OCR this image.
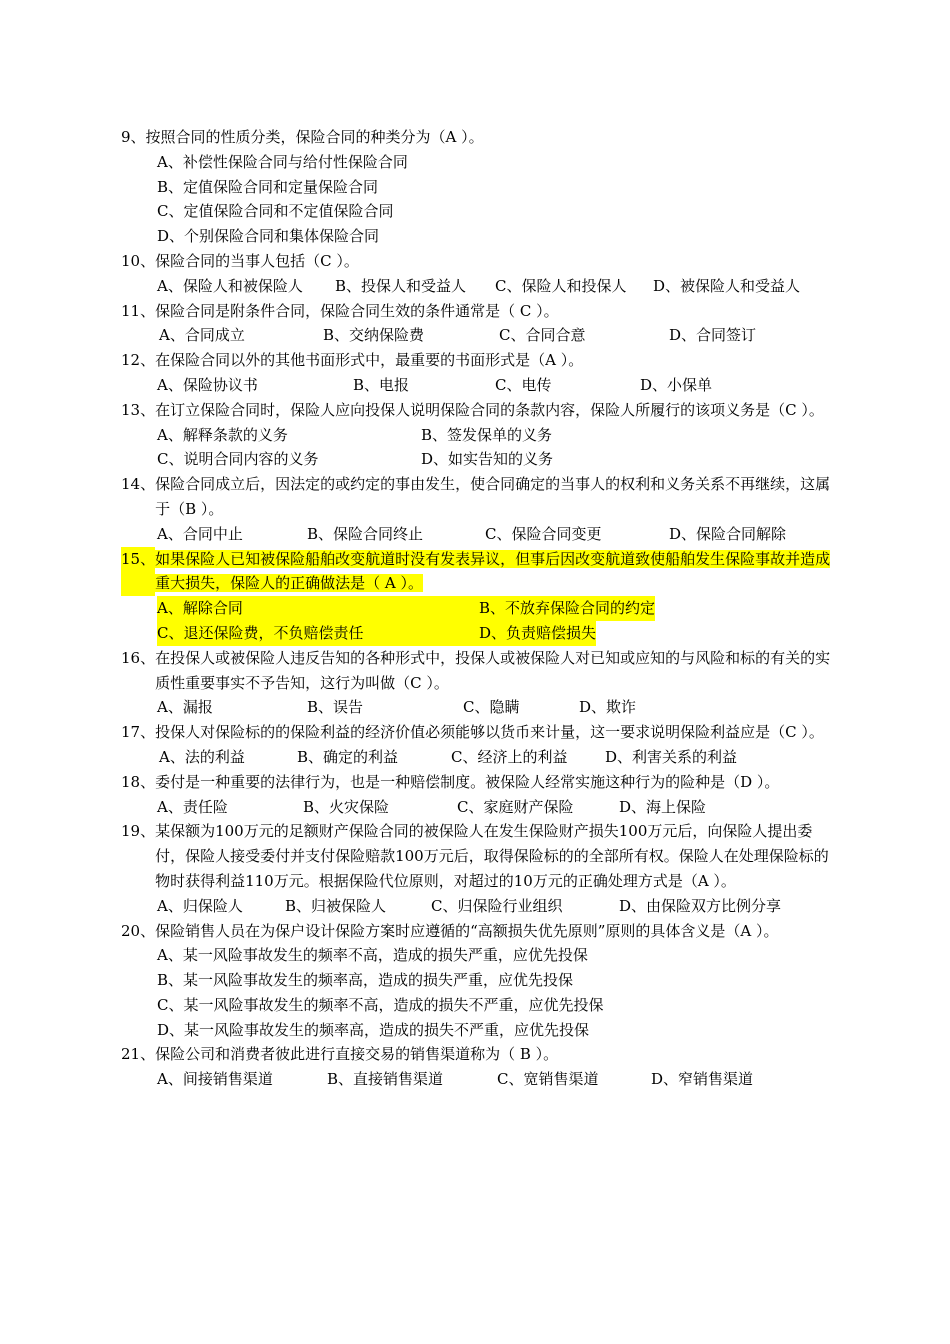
9、 按照合同的性质分类，保险合同的种类分为（A ）。
A、补偿性保险合同与给付性保险合同
B、定值保险合同和定量保险合同
C、定值保险合同和不定值保险合同
D、个别保险合同和集体保险合同
10、 保险合同的当事人包括（C ）。
A、保险人和被保险人	B、投保人和受益人	C、保险人和投保人	D、被保险人和受益人
11、 保险合同是附条件合同，保险合同生效的条件通常是（ C ）。
A、合同成立	B、交纳保险费	C、合同合意	D、合同签订
12、 在保险合同以外的其他书面形式中，最重要的书面形式是（A ）。
A、保险协议书	B、电报	C、电传	D、小保单
13、 在订立保险合同时，保险人应向投保人说明保险合同的条款内容，保险人所履行的该项义务是（C ）。
A、解释条款的义务	B、签发保单的义务
C、说明合同内容的义务	D、如实告知的义务
14、 保险合同成立后，因法定的或约定的事由发生，使合同确定的当事人的权利和义务关系不再继续，这属于（B ）。
A、合同中止	B、保险合同终止	C、保险合同变更	D、保险合同解除
15、 如果保险人已知被保险船舶改变航道时没有发表异议，但事后因改变航道致使船舶发生保险事故并造成重大损失，保险人的正确做法是（ A ）。
A、解除合同	B、不放弃保险合同的约定
C、退还保险费，不负赔偿责任	D、负责赔偿损失
16、 在投保人或被保险人违反告知的各种形式中，投保人或被保险人对已知或应知的与风险和标的有关的实质性重要事实不予告知，这行为叫做（C ）。
A、漏报	B、误告	C、隐瞒	D、欺诈
17、 投保人对保险标的的保险利益的经济价值必须能够以货币来计量，这一要求说明保险利益应是（C ）。
A、法的利益	B、确定的利益	C、经济上的利益	D、利害关系的利益
18、 委付是一种重要的法律行为，也是一种赔偿制度。被保险人经常实施这种行为的险种是（D ）。
A、责任险	B、火灾保险	C、家庭财产保险	D、海上保险
19、 某保额为100万元的足额财产保险合同的被保险人在发生保险财产损失100万元后，向保险人提出委付，保险人接受委付并支付保险赔款100万元后，取得保险标的的全部所有权。保险人在处理保险标的物时获得利益110万元。根据保险代位原则，对超过的10万元的正确处理方式是（A ）。
A、归保险人	B、归被保险人	C、归保险行业组织	D、由保险双方比例分享
20、 保险销售人员在为保户设计保险方案时应遵循的“高额损失优先原则”原则的具体含义是（A ）。
A、某一风险事故发生的频率不高，造成的损失严重，应优先投保
B、某一风险事故发生的频率高，造成的损失严重，应优先投保
C、某一风险事故发生的频率不高，造成的损失不严重，应优先投保
D、某一风险事故发生的频率高，造成的损失不严重，应优先投保
21、 保险公司和消费者彼此进行直接交易的销售渠道称为（ B ）。
A、间接销售渠道	B、直接销售渠道	C、宽销售渠道	D、窄销售渠道
